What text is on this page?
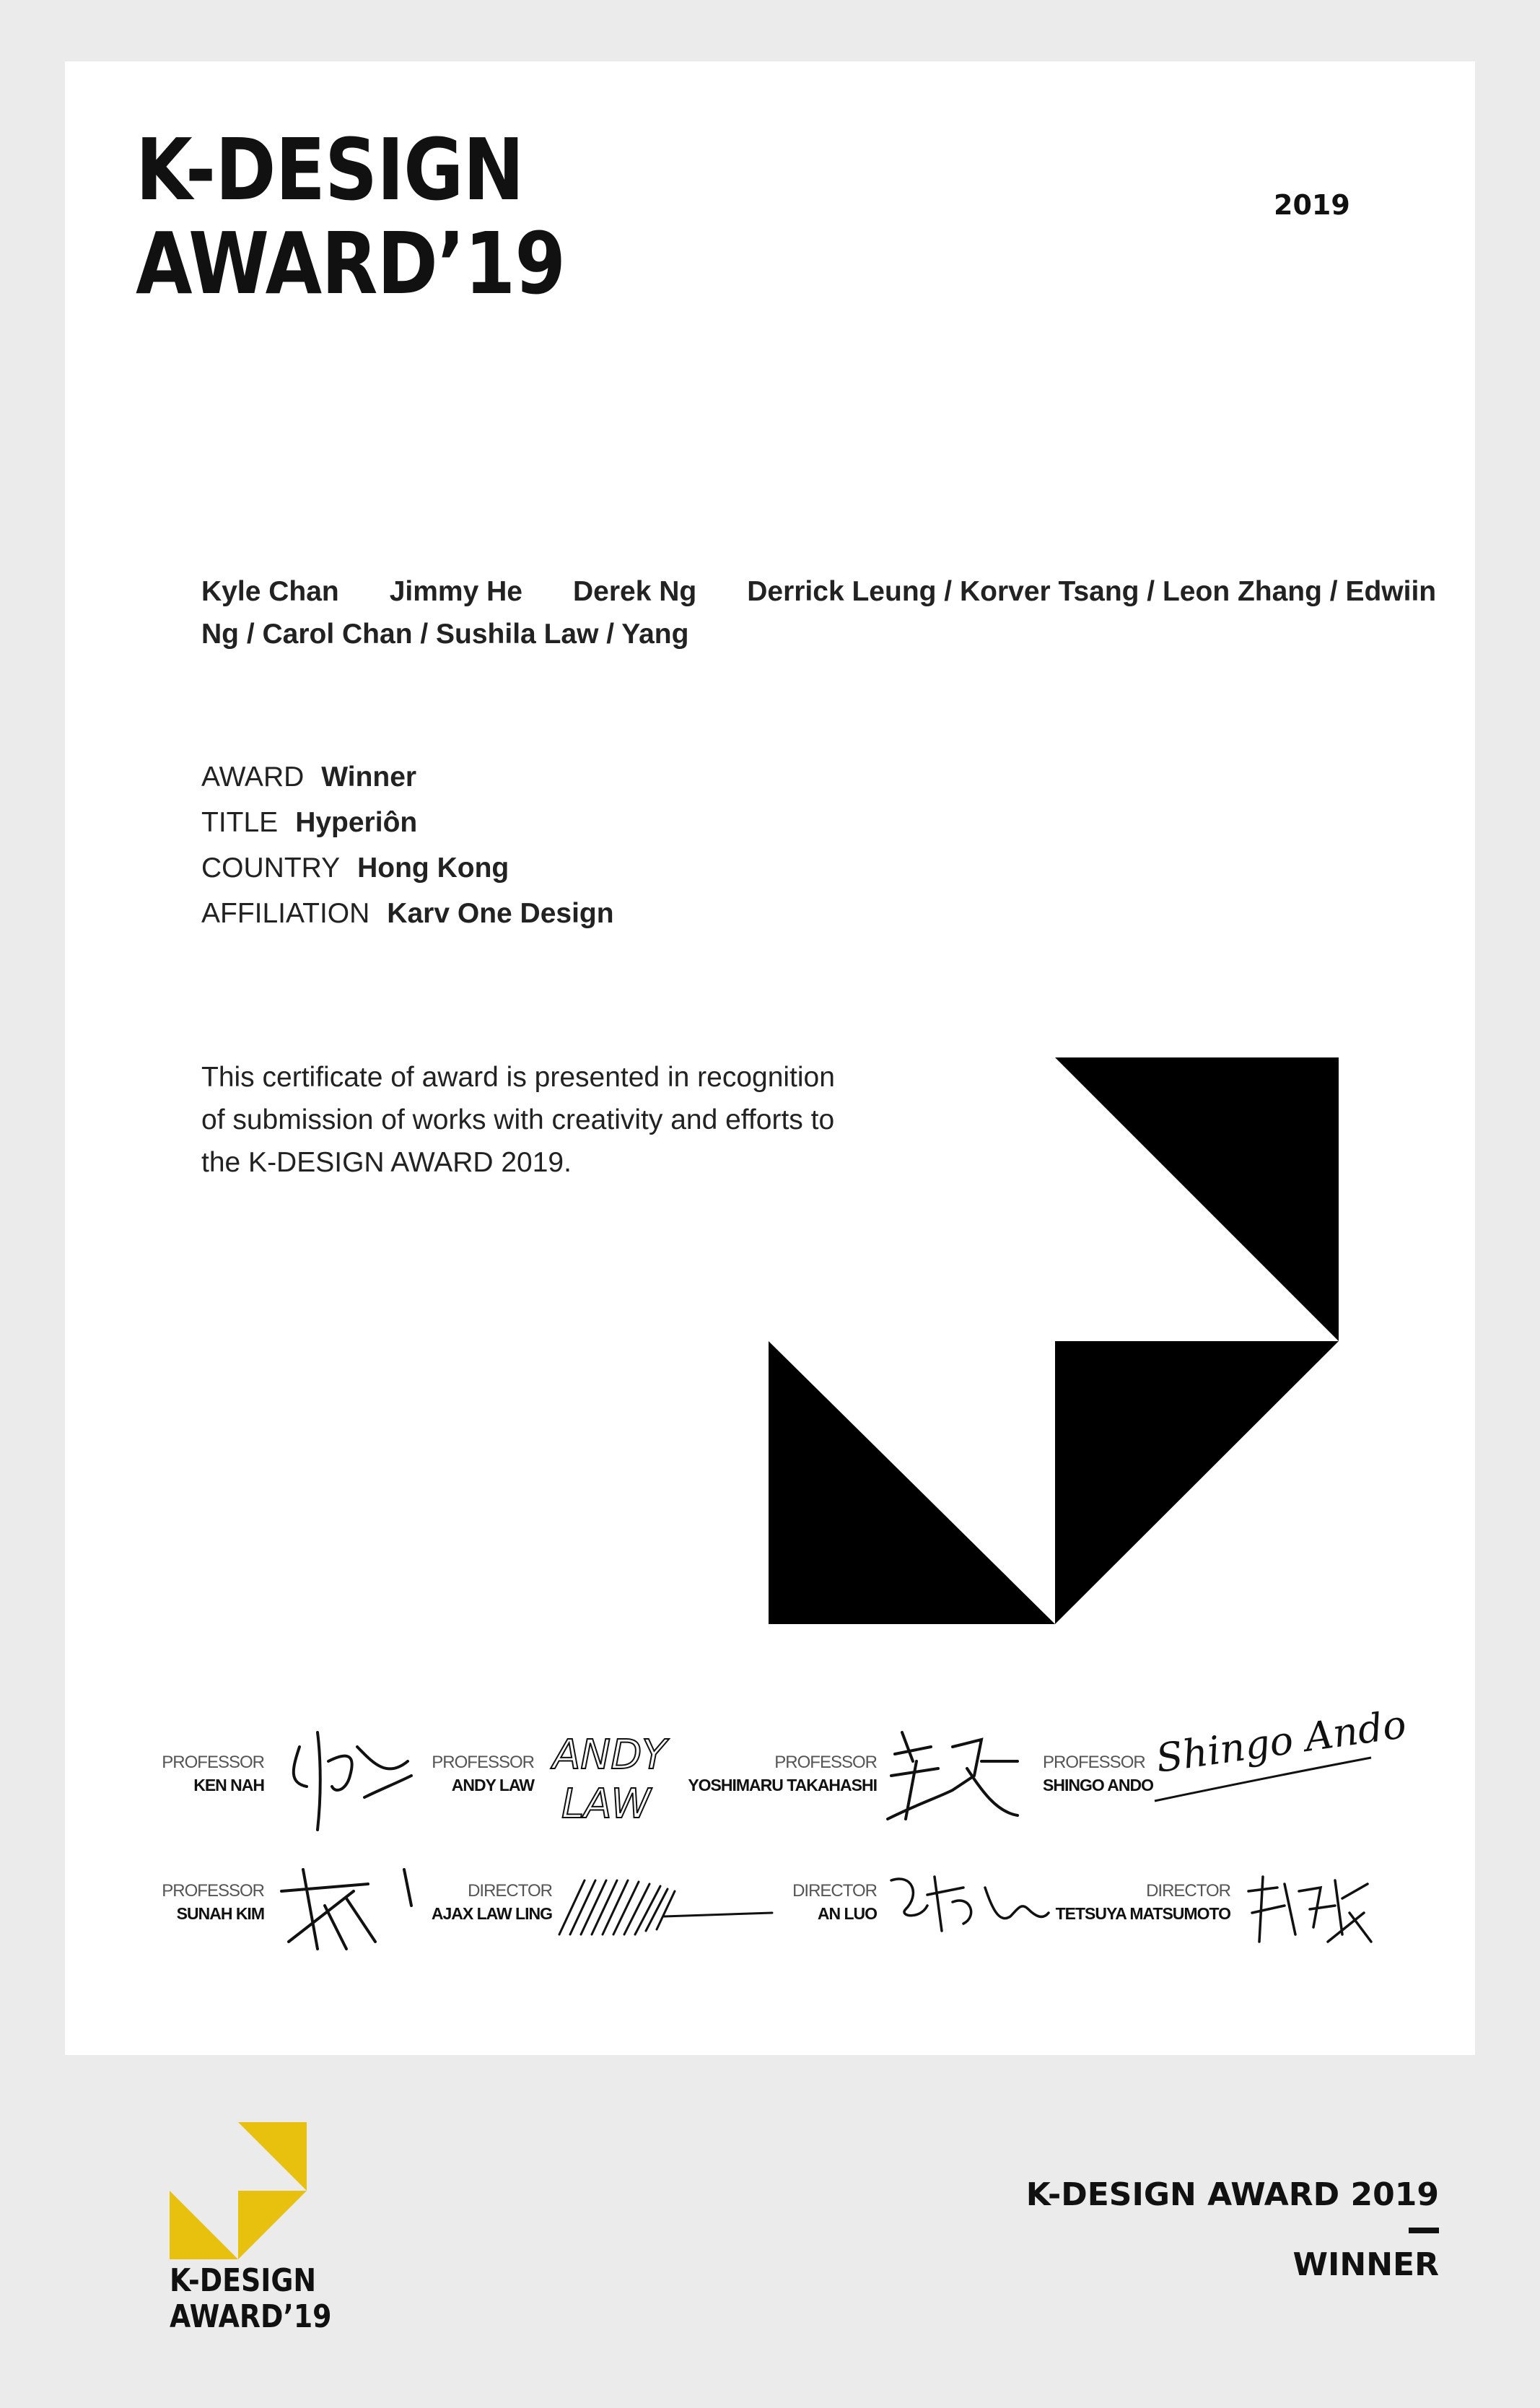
K-DESIGN
AWARD’19
2019
Kyle Chan Jimmy He Derek Ng Derrick Leung / Korver Tsang / Leon Zhang / Edwiin Ng / Carol Chan / Sushila Law / Yang
AWARD Winner
TITLE Hyperiôn
COUNTRY Hong Kong
AFFILIATION Karv One Design
This certificate of award is presented in recognition of submission of works with creativity and efforts to the K-DESIGN AWARD 2019.
PROFESSOR
KEN NAH
PROFESSOR
ANDY LAW
ANDY
LAW
PROFESSOR
YOSHIMARU TAKAHASHI
PROFESSOR
SHINGO ANDO
Shingo Ando
PROFESSOR
SUNAH KIM
DIRECTOR
AJAX LAW LING
DIRECTOR
AN LUO
DIRECTOR
TETSUYA MATSUMOTO
K-DESIGN
AWARD’19
K-DESIGN AWARD 2019
WINNER
